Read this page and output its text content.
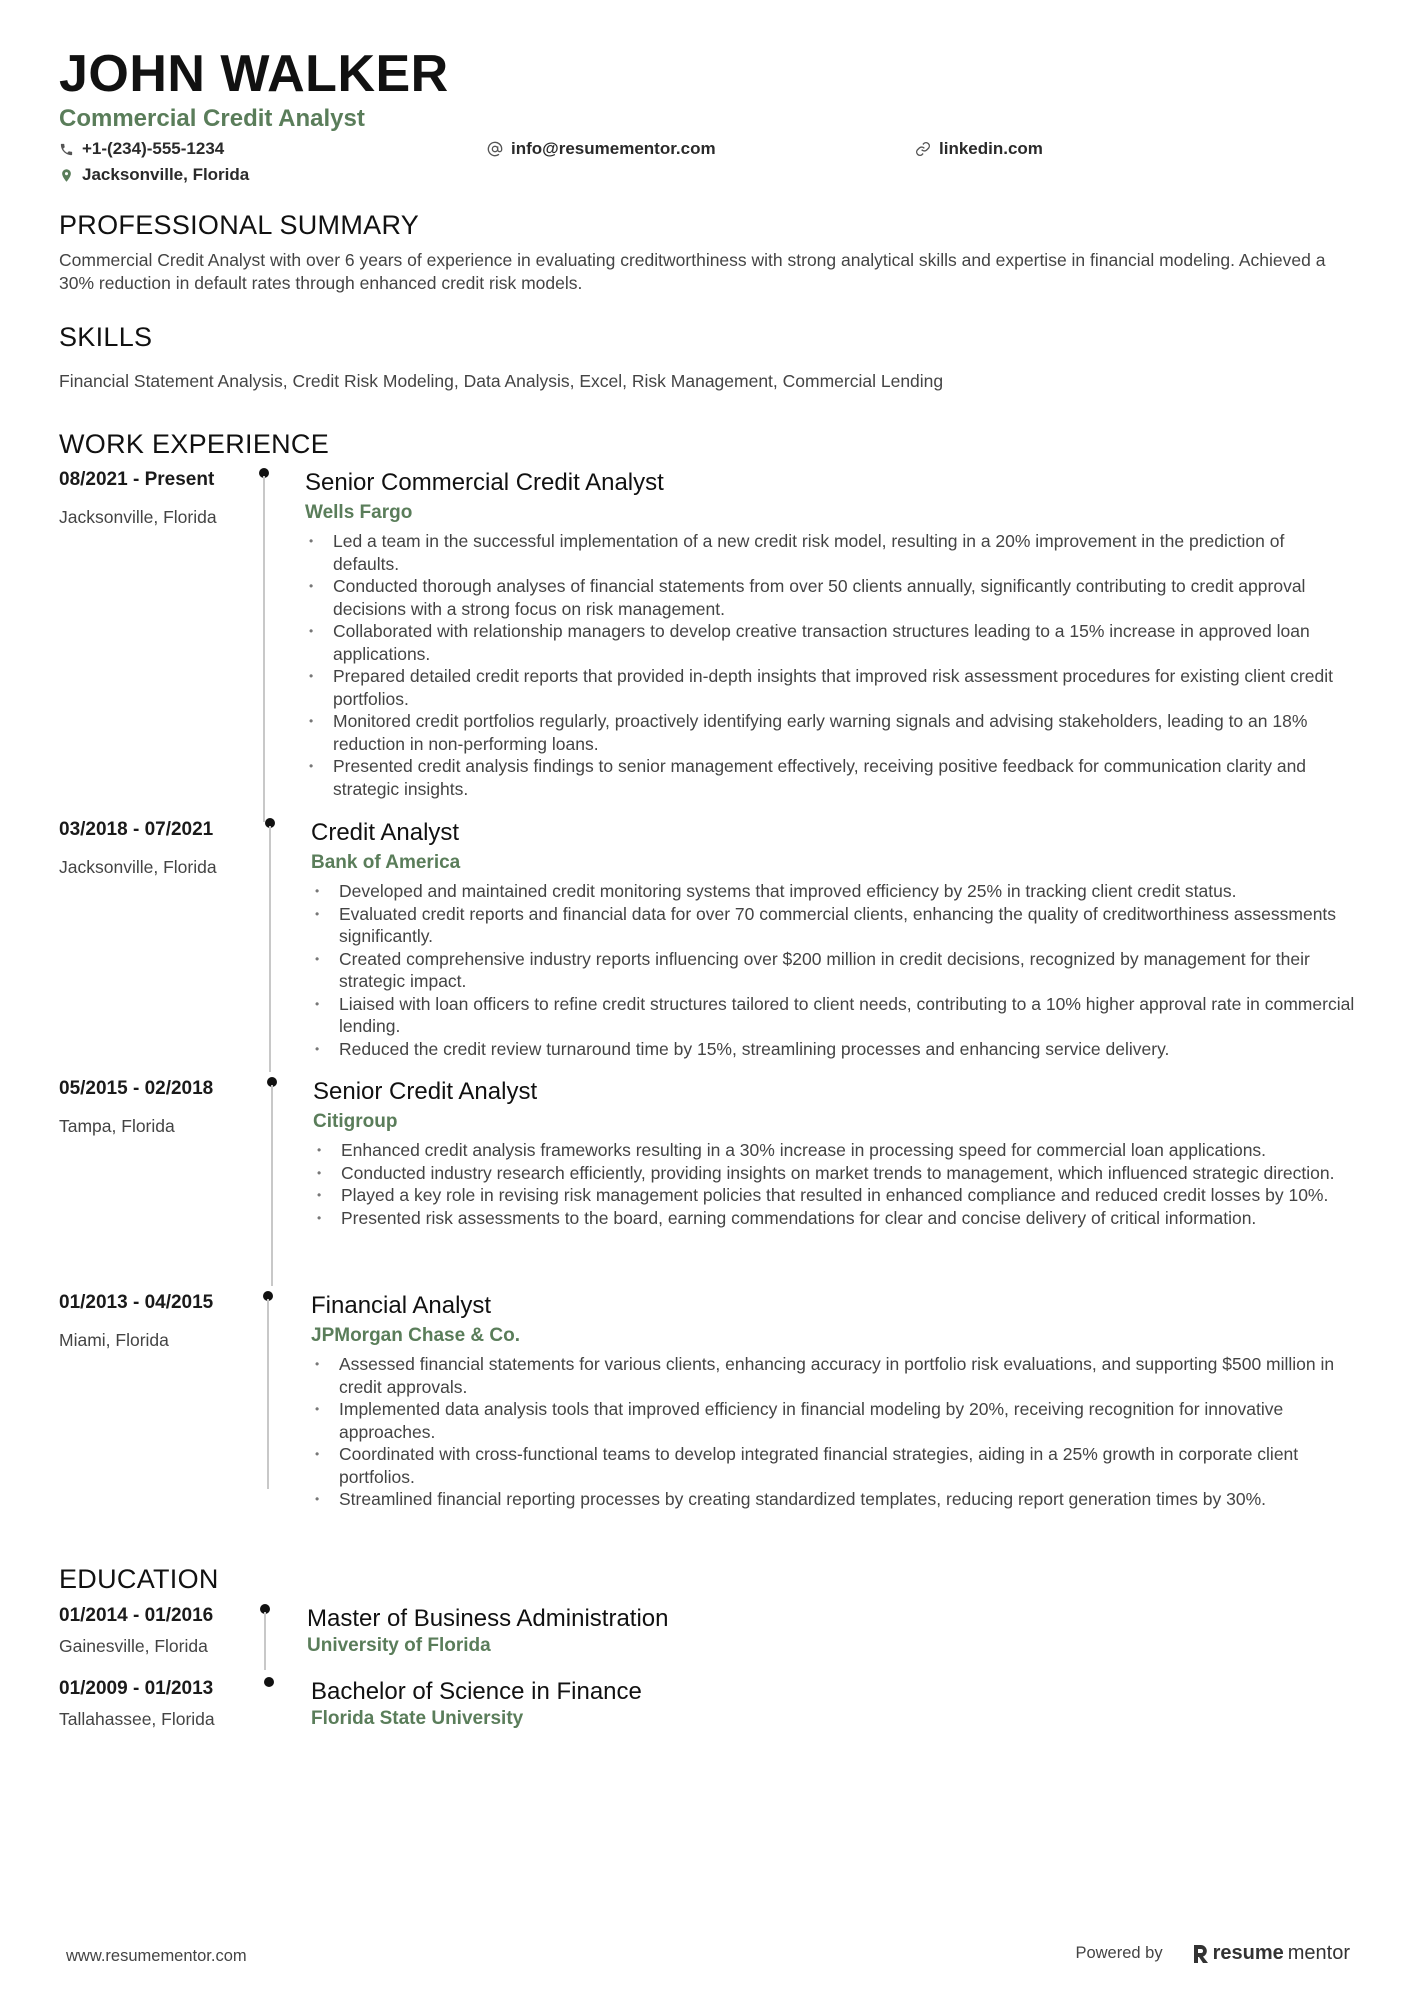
JOHN WALKER
Commercial Credit Analyst
+1-(234)-555-1234	info@resumementor.com	linkedin.com
Jacksonville, Florida
PROFESSIONAL SUMMARY
Commercial Credit Analyst with over 6 years of experience in evaluating creditworthiness with strong analytical skills and expertise in financial modeling. Achieved a 30% reduction in default rates through enhanced credit risk models.
SKILLS
Financial Statement Analysis, Credit Risk Modeling, Data Analysis, Excel, Risk Management, Commercial Lending
WORK EXPERIENCE
08/2021 - Present
Jacksonville, Florida
Senior Commercial Credit Analyst
Wells Fargo
• Led a team in the successful implementation of a new credit risk model, resulting in a 20% improvement in the prediction of defaults.
• Conducted thorough analyses of financial statements from over 50 clients annually, significantly contributing to credit approval decisions with a strong focus on risk management.
• Collaborated with relationship managers to develop creative transaction structures leading to a 15% increase in approved loan applications.
• Prepared detailed credit reports that provided in-depth insights that improved risk assessment procedures for existing client credit portfolios.
• Monitored credit portfolios regularly, proactively identifying early warning signals and advising stakeholders, leading to an 18% reduction in non-performing loans.
• Presented credit analysis findings to senior management effectively, receiving positive feedback for communication clarity and strategic insights.
03/2018 - 07/2021
Jacksonville, Florida
Credit Analyst
Bank of America
• Developed and maintained credit monitoring systems that improved efficiency by 25% in tracking client credit status.
• Evaluated credit reports and financial data for over 70 commercial clients, enhancing the quality of creditworthiness assessments significantly.
• Created comprehensive industry reports influencing over $200 million in credit decisions, recognized by management for their strategic impact.
• Liaised with loan officers to refine credit structures tailored to client needs, contributing to a 10% higher approval rate in commercial lending.
• Reduced the credit review turnaround time by 15%, streamlining processes and enhancing service delivery.
05/2015 - 02/2018
Tampa, Florida
Senior Credit Analyst
Citigroup
• Enhanced credit analysis frameworks resulting in a 30% increase in processing speed for commercial loan applications.
• Conducted industry research efficiently, providing insights on market trends to management, which influenced strategic direction.
• Played a key role in revising risk management policies that resulted in enhanced compliance and reduced credit losses by 10%.
• Presented risk assessments to the board, earning commendations for clear and concise delivery of critical information.
01/2013 - 04/2015
Miami, Florida
Financial Analyst
JPMorgan Chase & Co.
• Assessed financial statements for various clients, enhancing accuracy in portfolio risk evaluations, and supporting $500 million in credit approvals.
• Implemented data analysis tools that improved efficiency in financial modeling by 20%, receiving recognition for innovative approaches.
• Coordinated with cross-functional teams to develop integrated financial strategies, aiding in a 25% growth in corporate client portfolios.
• Streamlined financial reporting processes by creating standardized templates, reducing report generation times by 30%.
EDUCATION
01/2014 - 01/2016
Gainesville, Florida
Master of Business Administration
University of Florida
01/2009 - 01/2013
Tallahassee, Florida
Bachelor of Science in Finance
Florida State University
www.resumementor.com	Powered by	resume mentor
